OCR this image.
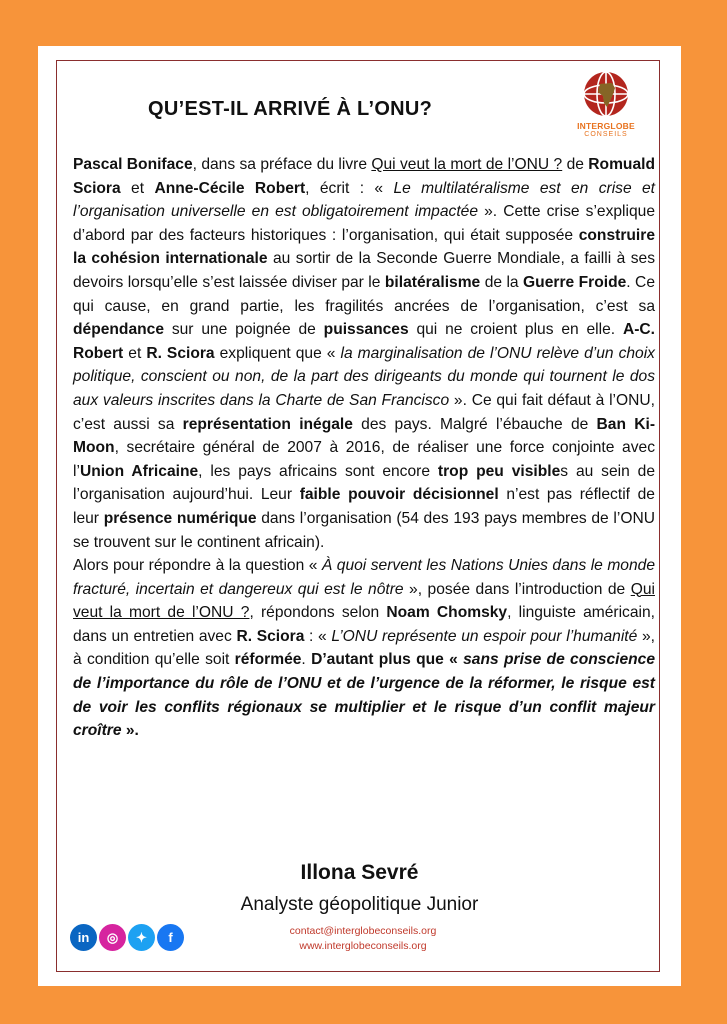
QU’EST-IL ARRIVÉ À L’ONU?
INTERGLOBE
CONSEILS

Pascal Boniface, dans sa préface du livre Qui veut la mort de l’ONU ? de Romuald Sciora et Anne-Cécile Robert, écrit : « Le multilatéralisme est en crise et l’organisation universelle en est obligatoirement impactée ». Cette crise s’explique d’abord par des facteurs historiques : l’organisation, qui était supposée construire la cohésion internationale au sortir de la Seconde Guerre Mondiale, a failli à ses devoirs lorsqu’elle s’est laissée diviser par le bilatéralisme de la Guerre Froide. Ce qui cause, en grand partie, les fragilités ancrées de l’organisation, c’est sa dépendance sur une poignée de puissances qui ne croient plus en elle. A-C. Robert et R. Sciora expliquent que « la marginalisation de l’ONU relève d’un choix politique, conscient ou non, de la part des dirigeants du monde qui tournent le dos aux valeurs inscrites dans la Charte de San Francisco ». Ce qui fait défaut à l’ONU, c’est aussi sa représentation inégale des pays. Malgré l’ébauche de Ban Ki-Moon, secrétaire général de 2007 à 2016, de réaliser une force conjointe avec l’Union Africaine, les pays africains sont encore trop peu visibles au sein de l’organisation aujourd’hui. Leur faible pouvoir décisionnel n’est pas réflectif de leur présence numérique dans l’organisation (54 des 193 pays membres de l’ONU se trouvent sur le continent africain).

Alors pour répondre à la question « À quoi servent les Nations Unies dans le monde fracturé, incertain et dangereux qui est le nôtre », posée dans l’introduction de Qui veut la mort de l’ONU ?, répondons selon Noam Chomsky, linguiste américain, dans un entretien avec R. Sciora : « L’ONU représente un espoir pour l’humanité », à condition qu’elle soit réformée. D’autant plus que « sans prise de conscience de l’importance du rôle de l’ONU et de l’urgence de la réformer, le risque est de voir les conflits régionaux se multiplier et le risque d’un conflit majeur croître ».

Illona Sevré
Analyste géopolitique Junior
in	◎	✦	f	contact@interglobeconseils.org
www.interglobeconseils.org
